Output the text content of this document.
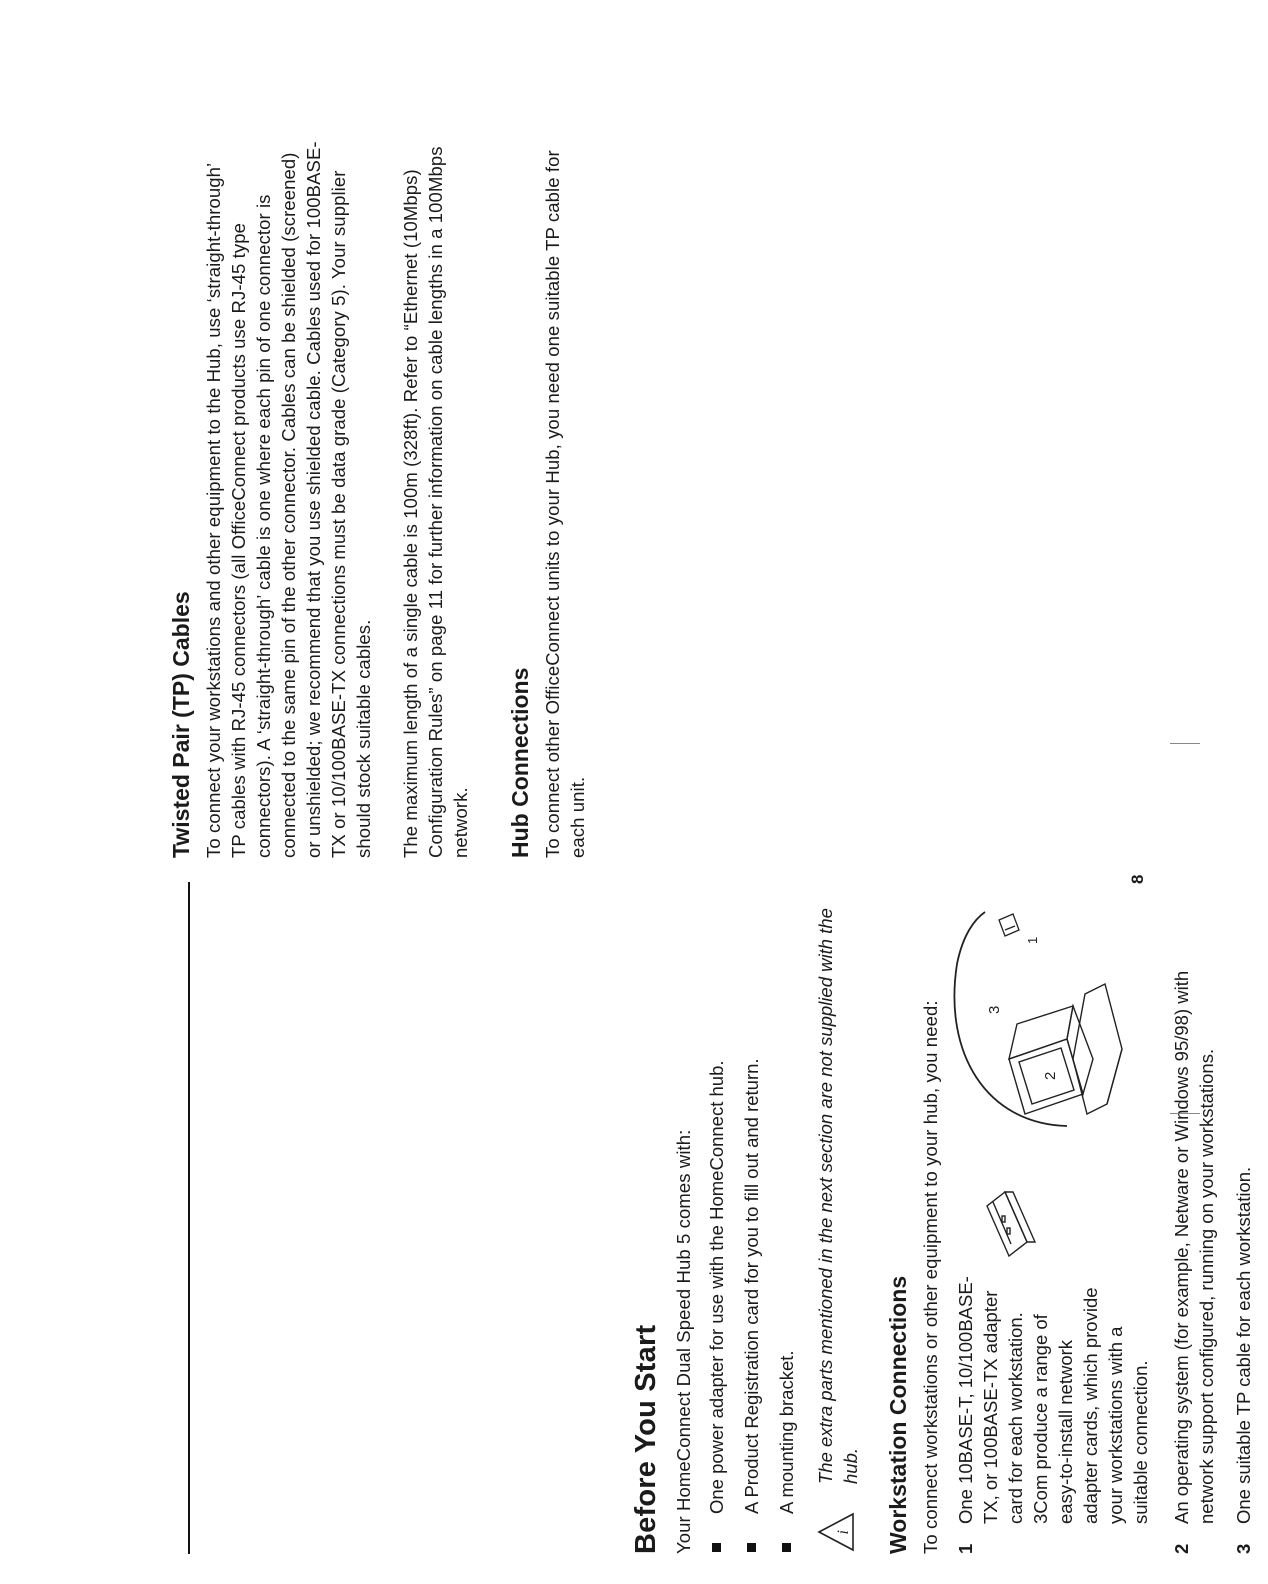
Before You Start Your HomeConnect Dual Speed Hub 5 comes with: One power adapter for use with the HomeConnect hub. A Product Registration card for you to fill out and return. A mounting bracket.
i
The extra parts mentioned in the next section are not supplied with the hub. Workstation Connections To connect workstations or other equipment to your hub, you need: 1
One 10BASE-T, 10/100BASE-TX, or 100BASE-TX adapter card for each workstation. 3Com produce a range of easy-to-install network adapter cards, which provide your workstations with a suitable connection.
2
3
1
2
An operating system (for example, Netware or Windows 95/98) with network support configured, running on your workstations.
3
One suitable TP cable for each workstation.
Twisted Pair (TP) Cables To connect your workstations and other equipment to the Hub, use ‘straight-through’ TP cables with RJ-45 connectors (all OfficeConnect products use RJ-45 type connectors). A ‘straight-through’ cable is one where each pin of one connector is connected to the same pin of the other connector. Cables can be shielded (screened) or unshielded; we recommend that you use shielded cable. Cables used for 100BASE-TX or 10/100BASE-TX connections must be data grade (Category 5). Your supplier should stock suitable cables. The maximum length of a single cable is 100m (328ft). Refer to “Ethernet (10Mbps) Configuration Rules” on page 11 for further information on cable lengths in a 100Mbps network. Hub Connections To connect other OfficeConnect units to your Hub, you need one suitable TP cable for each unit.

8
